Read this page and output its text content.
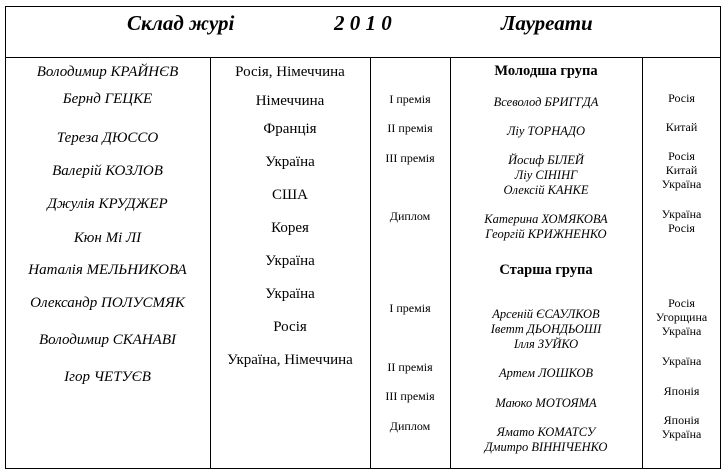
Склад журі	2 0 1 0	Лауреати
Володимир КРАЙНЄВ
Бернд ГЕЦКЕ
Тереза ДЮССО
Валерій КОЗЛОВ
Джулія КРУДЖЕР
Кюн Мі ЛІ
Наталія МЕЛЬНИКОВА
Олександр ПОЛУСМЯК
Володимир СКАНАВІ
Ігор ЧЕТУЄВ
Росія, Німеччина
Німеччина
Франція
Україна
США
Корея
Україна
Україна
Росія
Україна, Німеччина
І премія
ІІ премія
ІІІ премія
Диплом
І премія
ІІ премія
ІІІ премія
Диплом
Молодша група
Всеволод БРИГГДА
Ліу ТОРНАДО
Йосиф БІЛЕЙ
Ліу СІНІНГ
Олексій КАНКЕ
Катерина ХОМЯКОВА
Георгій КРИЖНЕНКО
Старша група
Арсеній ЄСАУЛКОВ
Іветт ДЬОНДЬОШІ
Ілля ЗУЙКО
Артем ЛОШКОВ
Маюко МОТОЯМА
Ямато КОМАТСУ
Дмитро ВІННІЧЕНКО
Росія
Китай
Росія
Китай
Україна
Україна
Росія
Росія
Угорщина
Україна
Україна
Японія
Японія
Україна
